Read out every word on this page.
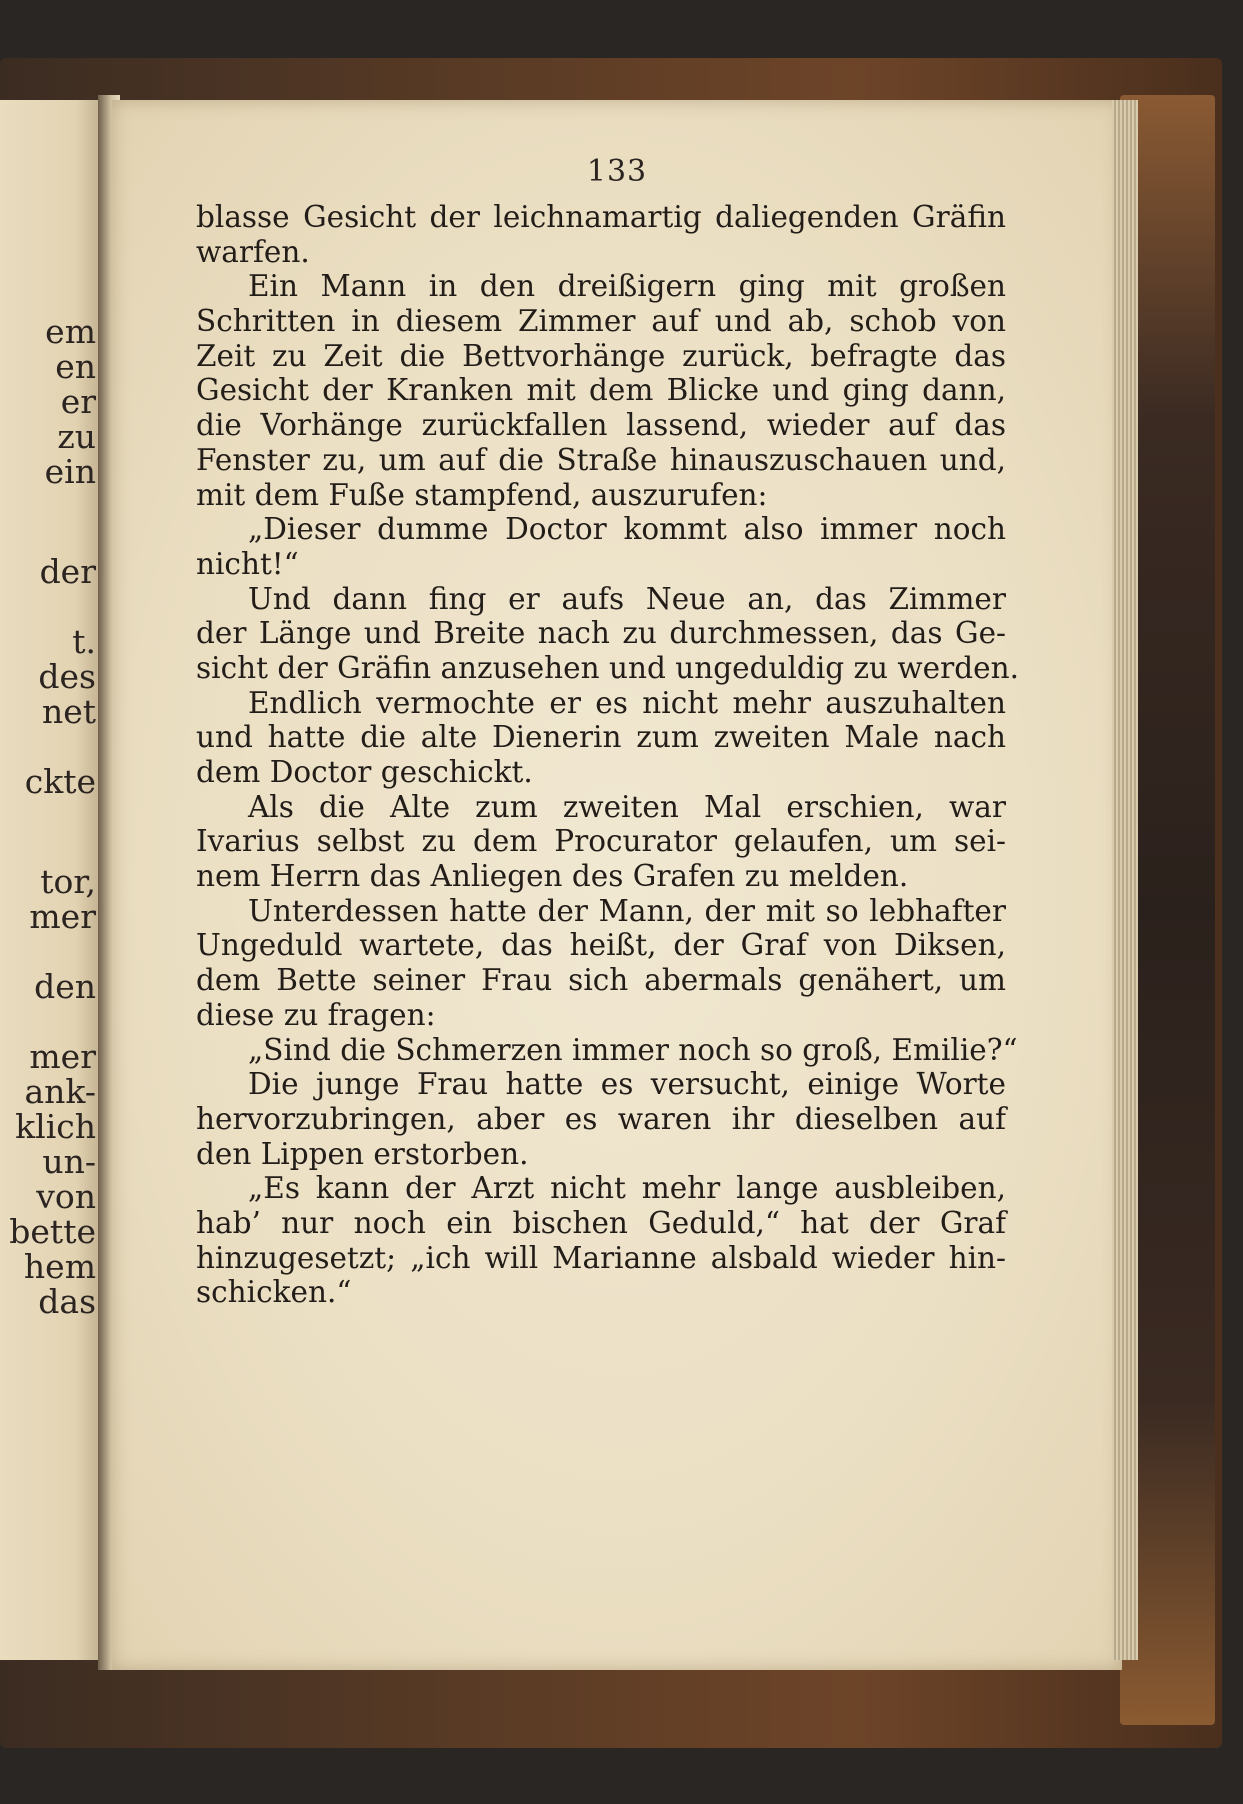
em
en
er
zu
ein
der
t.
des
net
ckte
tor,
mer
den
mer
ank-
klich
un-
von
bette
hem
das
133
blasse Gesicht der leichnamartig daliegenden Gräfin
warfen.
Ein Mann in den dreißigern ging mit großen
Schritten in diesem Zimmer auf und ab, schob von
Zeit zu Zeit die Bettvorhänge zurück, befragte das
Gesicht der Kranken mit dem Blicke und ging dann,
die Vorhänge zurückfallen lassend, wieder auf das
Fenster zu, um auf die Straße hinauszuschauen und,
mit dem Fuße stampfend, auszurufen:
„Dieser dumme Doctor kommt also immer noch
nicht!“
Und dann fing er aufs Neue an, das Zimmer
der Länge und Breite nach zu durchmessen, das Ge-
sicht der Gräfin anzusehen und ungeduldig zu werden.
Endlich vermochte er es nicht mehr auszuhalten
und hatte die alte Dienerin zum zweiten Male nach
dem Doctor geschickt.
Als die Alte zum zweiten Mal erschien, war
Ivarius selbst zu dem Procurator gelaufen, um sei-
nem Herrn das Anliegen des Grafen zu melden.
Unterdessen hatte der Mann, der mit so lebhafter
Ungeduld wartete, das heißt, der Graf von Diksen,
dem Bette seiner Frau sich abermals genähert, um
diese zu fragen:
„Sind die Schmerzen immer noch so groß, Emilie?“
Die junge Frau hatte es versucht, einige Worte
hervorzubringen, aber es waren ihr dieselben auf
den Lippen erstorben.
„Es kann der Arzt nicht mehr lange ausbleiben,
hab’ nur noch ein bischen Geduld,“ hat der Graf
hinzugesetzt; „ich will Marianne alsbald wieder hin-
schicken.“
